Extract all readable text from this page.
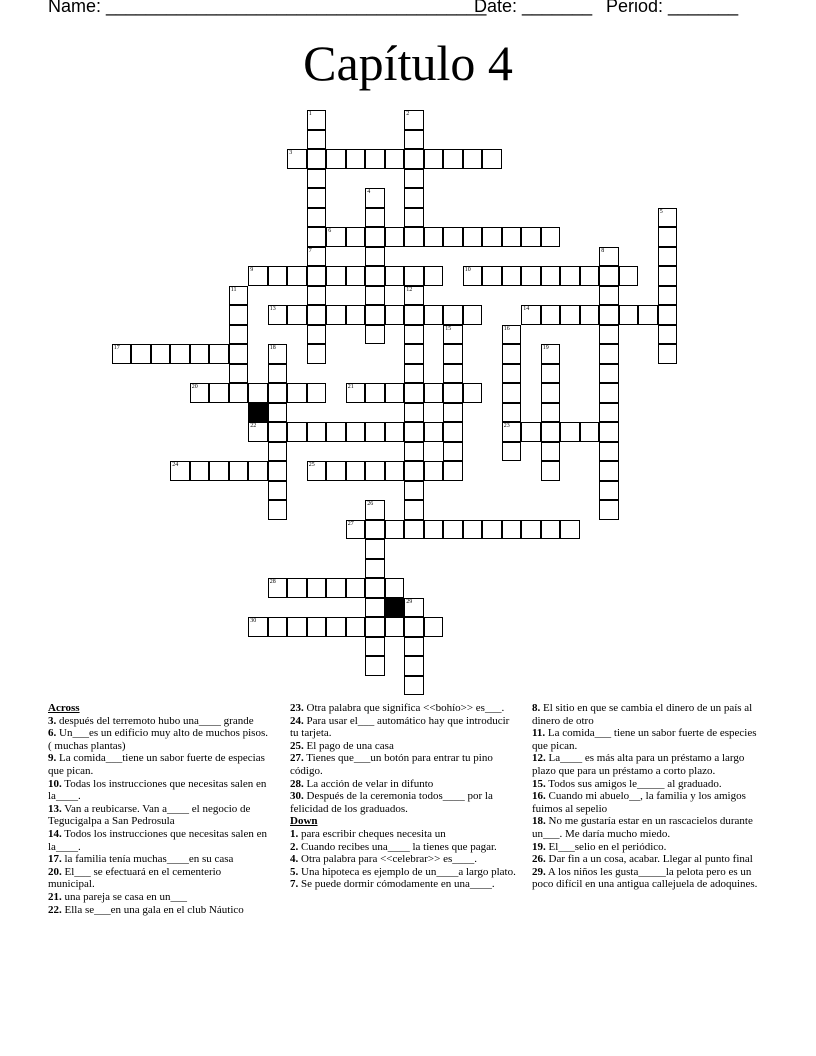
Name: ______________________________________
Date: _______ Period: _______
Capítulo 4
1
7
2
3
4
5
6
8
9	10
11	12
13	14
15	16
23
17	18	19
20	21
22
24	25
26
27
28
29
30
Across
3. después del terremoto hubo una____ grande
6. Un___es un edificio muy alto de muchos pisos. ( muchas plantas)
9. La comida___tiene un sabor fuerte de especias que pican.
10. Todas los instrucciones que necesitas salen en la____.
13. Van a reubicarse. Van a____ el negocio de Tegucigalpa a San Pedrosula
14. Todos los instrucciones que necesitas salen en la____.
17. la familia tenía muchas____en su casa
20. El___ se efectuará en el cementerio municipal.
21. una pareja se casa en un___
22. Ella se___en una gala en el club Náutico
23. Otra palabra que significa <<bohío>> es___.
24. Para usar el___ automático hay que introducir tu tarjeta.
25. El pago de una casa
27. Tienes que___un botón para entrar tu pino código.
28. La acción de velar in difunto
30. Después de la ceremonia todos____ por la felicidad de los graduados.
Down
1. para escribir cheques necesita un
2. Cuando recibes una____ la tienes que pagar.
4. Otra palabra para <<celebrar>> es____.
5. Una hipoteca es ejemplo de un____a largo plato.
7. Se puede dormir cómodamente en una____.
8. El sitio en que se cambia el dinero de un país al dinero de otro
11. La comida___ tiene un sabor fuerte de especies que pican.
12. La____ es más alta para un préstamo a largo plazo que para un préstamo a corto plazo.
15. Todos sus amigos le_____ al graduado.
16. Cuando mi abuelo__, la familia y los amigos fuimos al sepelio
18. No me gustaría estar en un rascacielos durante un___. Me daría mucho miedo.
19. El___selio en el periódico.
26. Dar fin a un cosa, acabar. Llegar al punto final
29. A los niños les gusta_____la pelota pero es un poco difícil en una antigua callejuela de adoquines.
